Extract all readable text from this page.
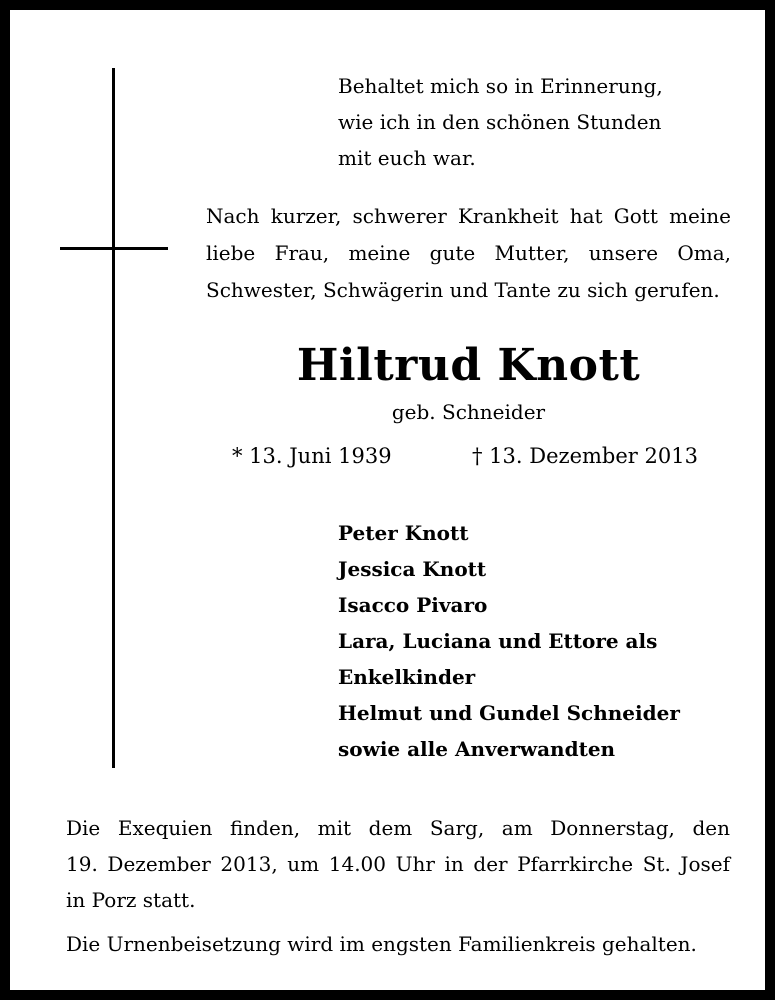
Behaltet mich so in Erinnerung,
wie ich in den schönen Stunden
mit euch war.
Nach kurzer, schwerer Krankheit hat Gott meine
liebe Frau, meine gute Mutter, unsere Oma,
Schwester, Schwägerin und Tante zu sich gerufen.
Hiltrud Knott
geb. Schneider
* 13. Juni 1939	† 13. Dezember 2013
Peter Knott
Jessica Knott
Isacco Pivaro
Lara, Luciana und Ettore als
Enkelkinder
Helmut und Gundel Schneider
sowie alle Anverwandten
Die Exequien finden, mit dem Sarg, am Donnerstag, den
19. Dezember 2013, um 14.00 Uhr in der Pfarrkirche St. Josef
in Porz statt.
Die Urnenbeisetzung wird im engsten Familienkreis gehalten.
